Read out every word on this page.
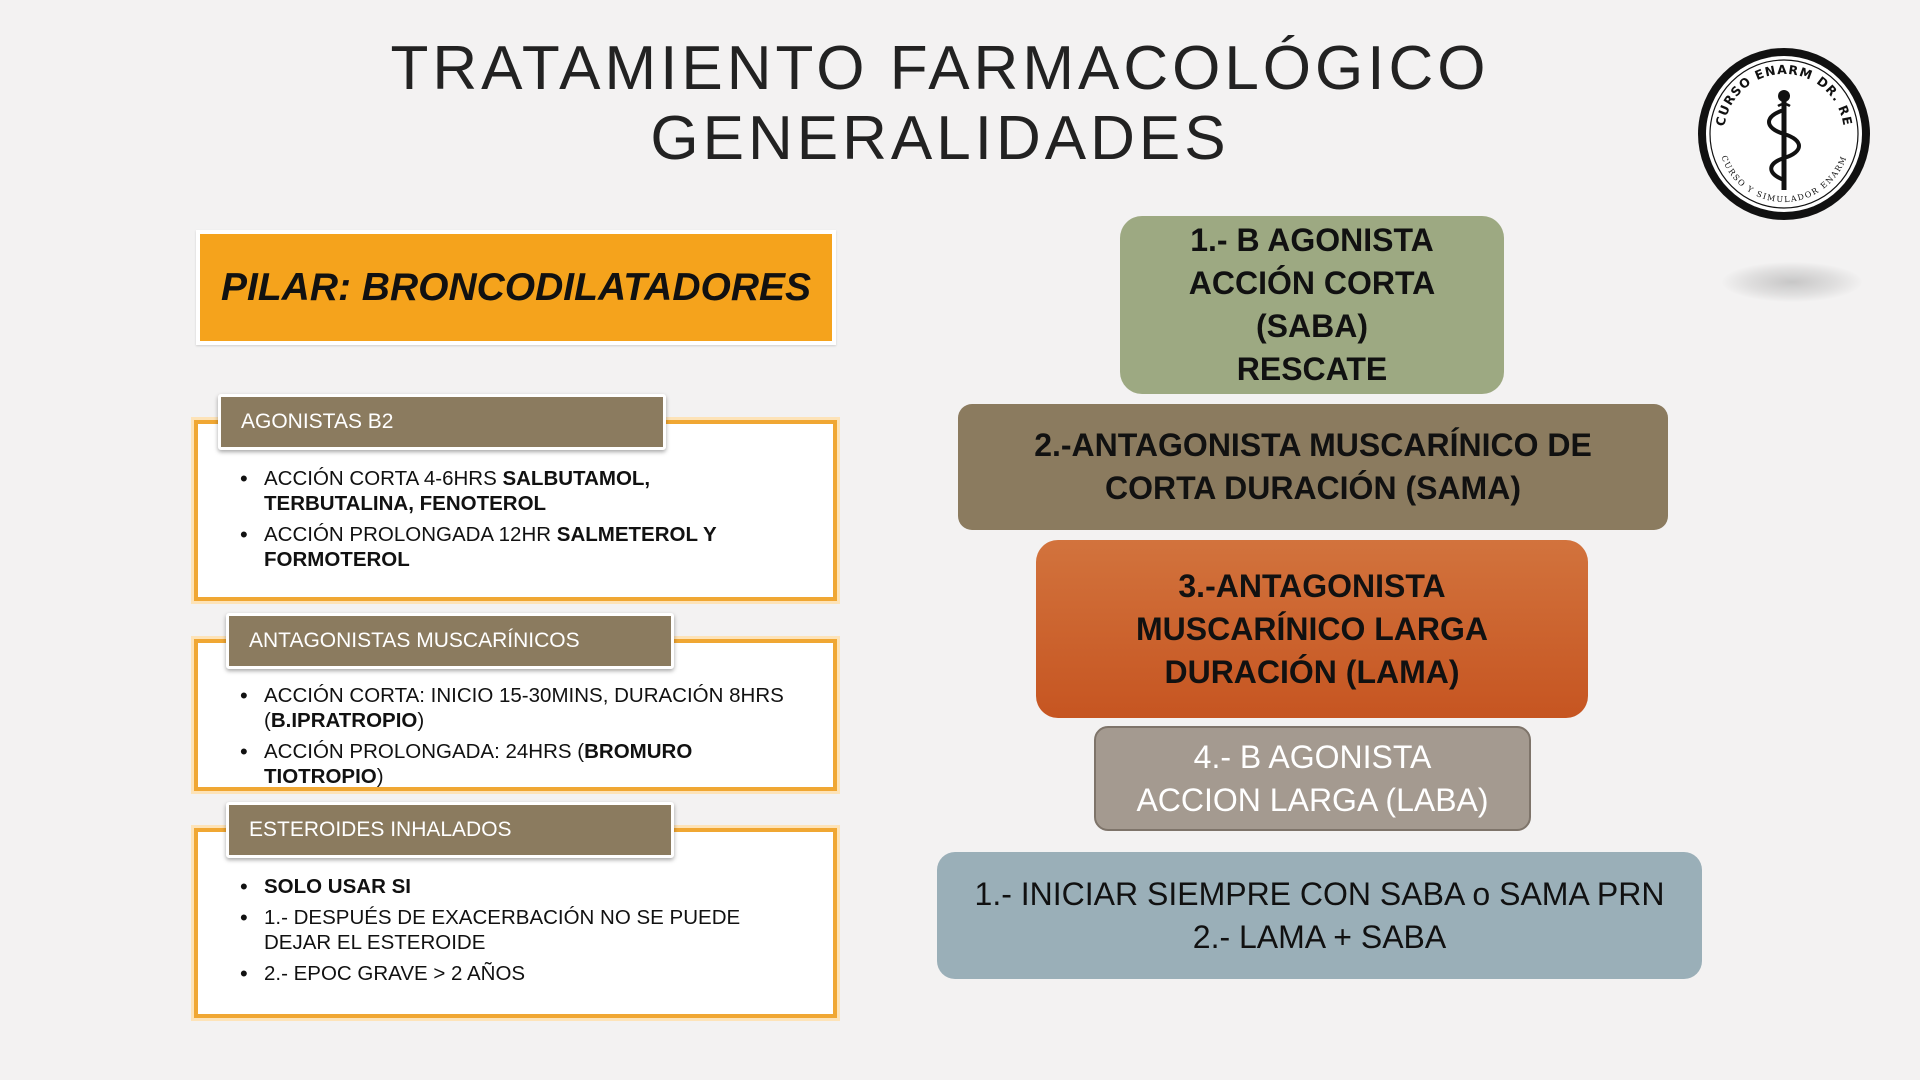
TRATAMIENTO FARMACOLÓGICO
GENERALIDADES	CURSO ENARM DR. RE
CURSO Y SIMULADOR ENARM
PILAR: BRONCODILATADORES
AGONISTAS B2
• ACCIÓN CORTA 4-6HRS SALBUTAMOL, TERBUTALINA, FENOTEROL
• ACCIÓN PROLONGADA 12HR SALMETEROL Y FORMOTEROL
ANTAGONISTAS MUSCARÍNICOS
• ACCIÓN CORTA: INICIO 15-30MINS, DURACIÓN 8HRS (B.IPRATROPIO)
• ACCIÓN PROLONGADA: 24HRS (BROMURO TIOTROPIO)
ESTEROIDES INHALADOS
• SOLO USAR SI
• 1.- DESPUÉS DE EXACERBACIÓN NO SE PUEDE DEJAR EL ESTEROIDE
• 2.- EPOC GRAVE > 2 AÑOS
1.- B AGONISTA
ACCIÓN CORTA
(SABA)
RESCATE
2.-ANTAGONISTA MUSCARÍNICO DE
CORTA DURACIÓN (SAMA)
3.-ANTAGONISTA
MUSCARÍNICO LARGA
DURACIÓN (LAMA)
4.- B AGONISTA
ACCION LARGA (LABA)
1.- INICIAR SIEMPRE CON SABA o SAMA PRN
2.- LAMA + SABA
